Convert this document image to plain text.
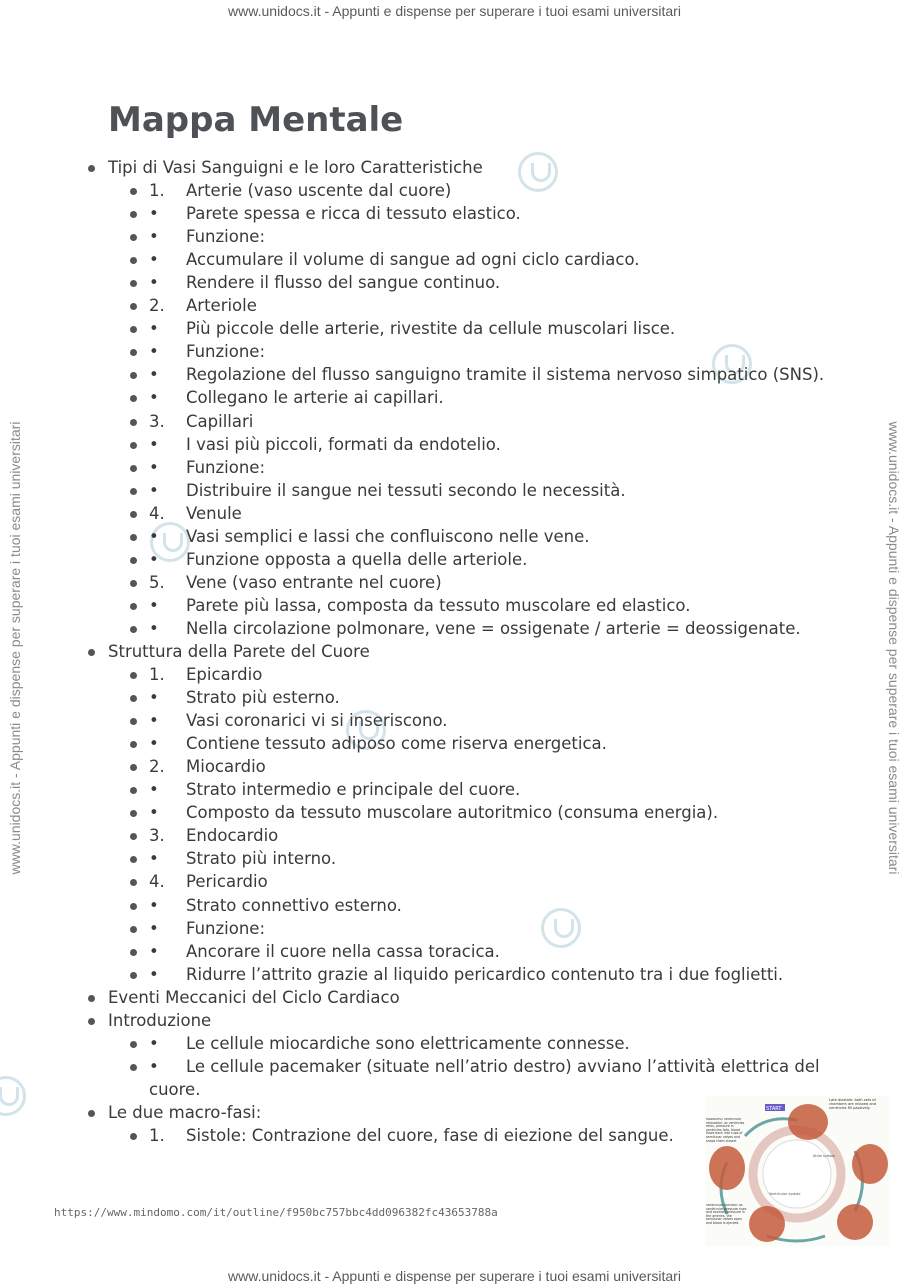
www.unidocs.it - Appunti e dispense per superare i tuoi esami universitari
www.unidocs.it - Appunti e dispense per superare i tuoi esami universitari
www.unidocs.it - Appunti e dispense per superare i tuoi esami universitari	www.unidocs.it - Appunti e dispense per superare i tuoi esami universitari
Mappa Mentale
Tipi di Vasi Sanguigni e le loro Caratteristiche
1. Arterie (vaso uscente dal cuore)
• Parete spessa e ricca di tessuto elastico.
• Funzione:
• Accumulare il volume di sangue ad ogni ciclo cardiaco.
• Rendere il flusso del sangue continuo.
2. Arteriole
• Più piccole delle arterie, rivestite da cellule muscolari lisce.
• Funzione:
• Regolazione del flusso sanguigno tramite il sistema nervoso simpatico (SNS).
• Collegano le arterie ai capillari.
3. Capillari
• I vasi più piccoli, formati da endotelio.
• Funzione:
• Distribuire il sangue nei tessuti secondo le necessità.
4. Venule
• Vasi semplici e lassi che confluiscono nelle vene.
• Funzione opposta a quella delle arteriole.
5. Vene (vaso entrante nel cuore)
• Parete più lassa, composta da tessuto muscolare ed elastico.
• Nella circolazione polmonare, vene = ossigenate / arterie = deossigenate.
Struttura della Parete del Cuore
1. Epicardio
• Strato più esterno.
• Vasi coronarici vi si inseriscono.
• Contiene tessuto adiposo come riserva energetica.
2. Miocardio
• Strato intermedio e principale del cuore.
• Composto da tessuto muscolare autoritmico (consuma energia).
3. Endocardio
• Strato più interno.
4. Pericardio
• Strato connettivo esterno.
• Funzione:
• Ancorare il cuore nella cassa toracica.
• Ridurre l’attrito grazie al liquido pericardico contenuto tra i due foglietti.
Eventi Meccanici del Ciclo Cardiaco
Introduzione
• Le cellule miocardiche sono elettricamente connesse.
• Le cellule pacemaker (situate nell’atrio destro) avviano l’attività elettrica del
cuore.
Le due macro-fasi:
1. Sistole: Contrazione del cuore, fase di eiezione del sangue.
https://www.mindomo.com/it/outline/f950bc757bbc4dd096382fc436537​88a
START
Late diastole: both sets of chambers are relaxed and ventricles fill passively.
Isovolumic ventricular relaxation: as ventricles relax, pressure in ventricles falls, blood flows back into cups of semilunar valves and snaps them closed.
Atrial systole
Ventricular systole
Ventricular ejection: as ventricular pressure rises and exceeds pressure in the arteries, the semilunar valves open and blood is ejected.
